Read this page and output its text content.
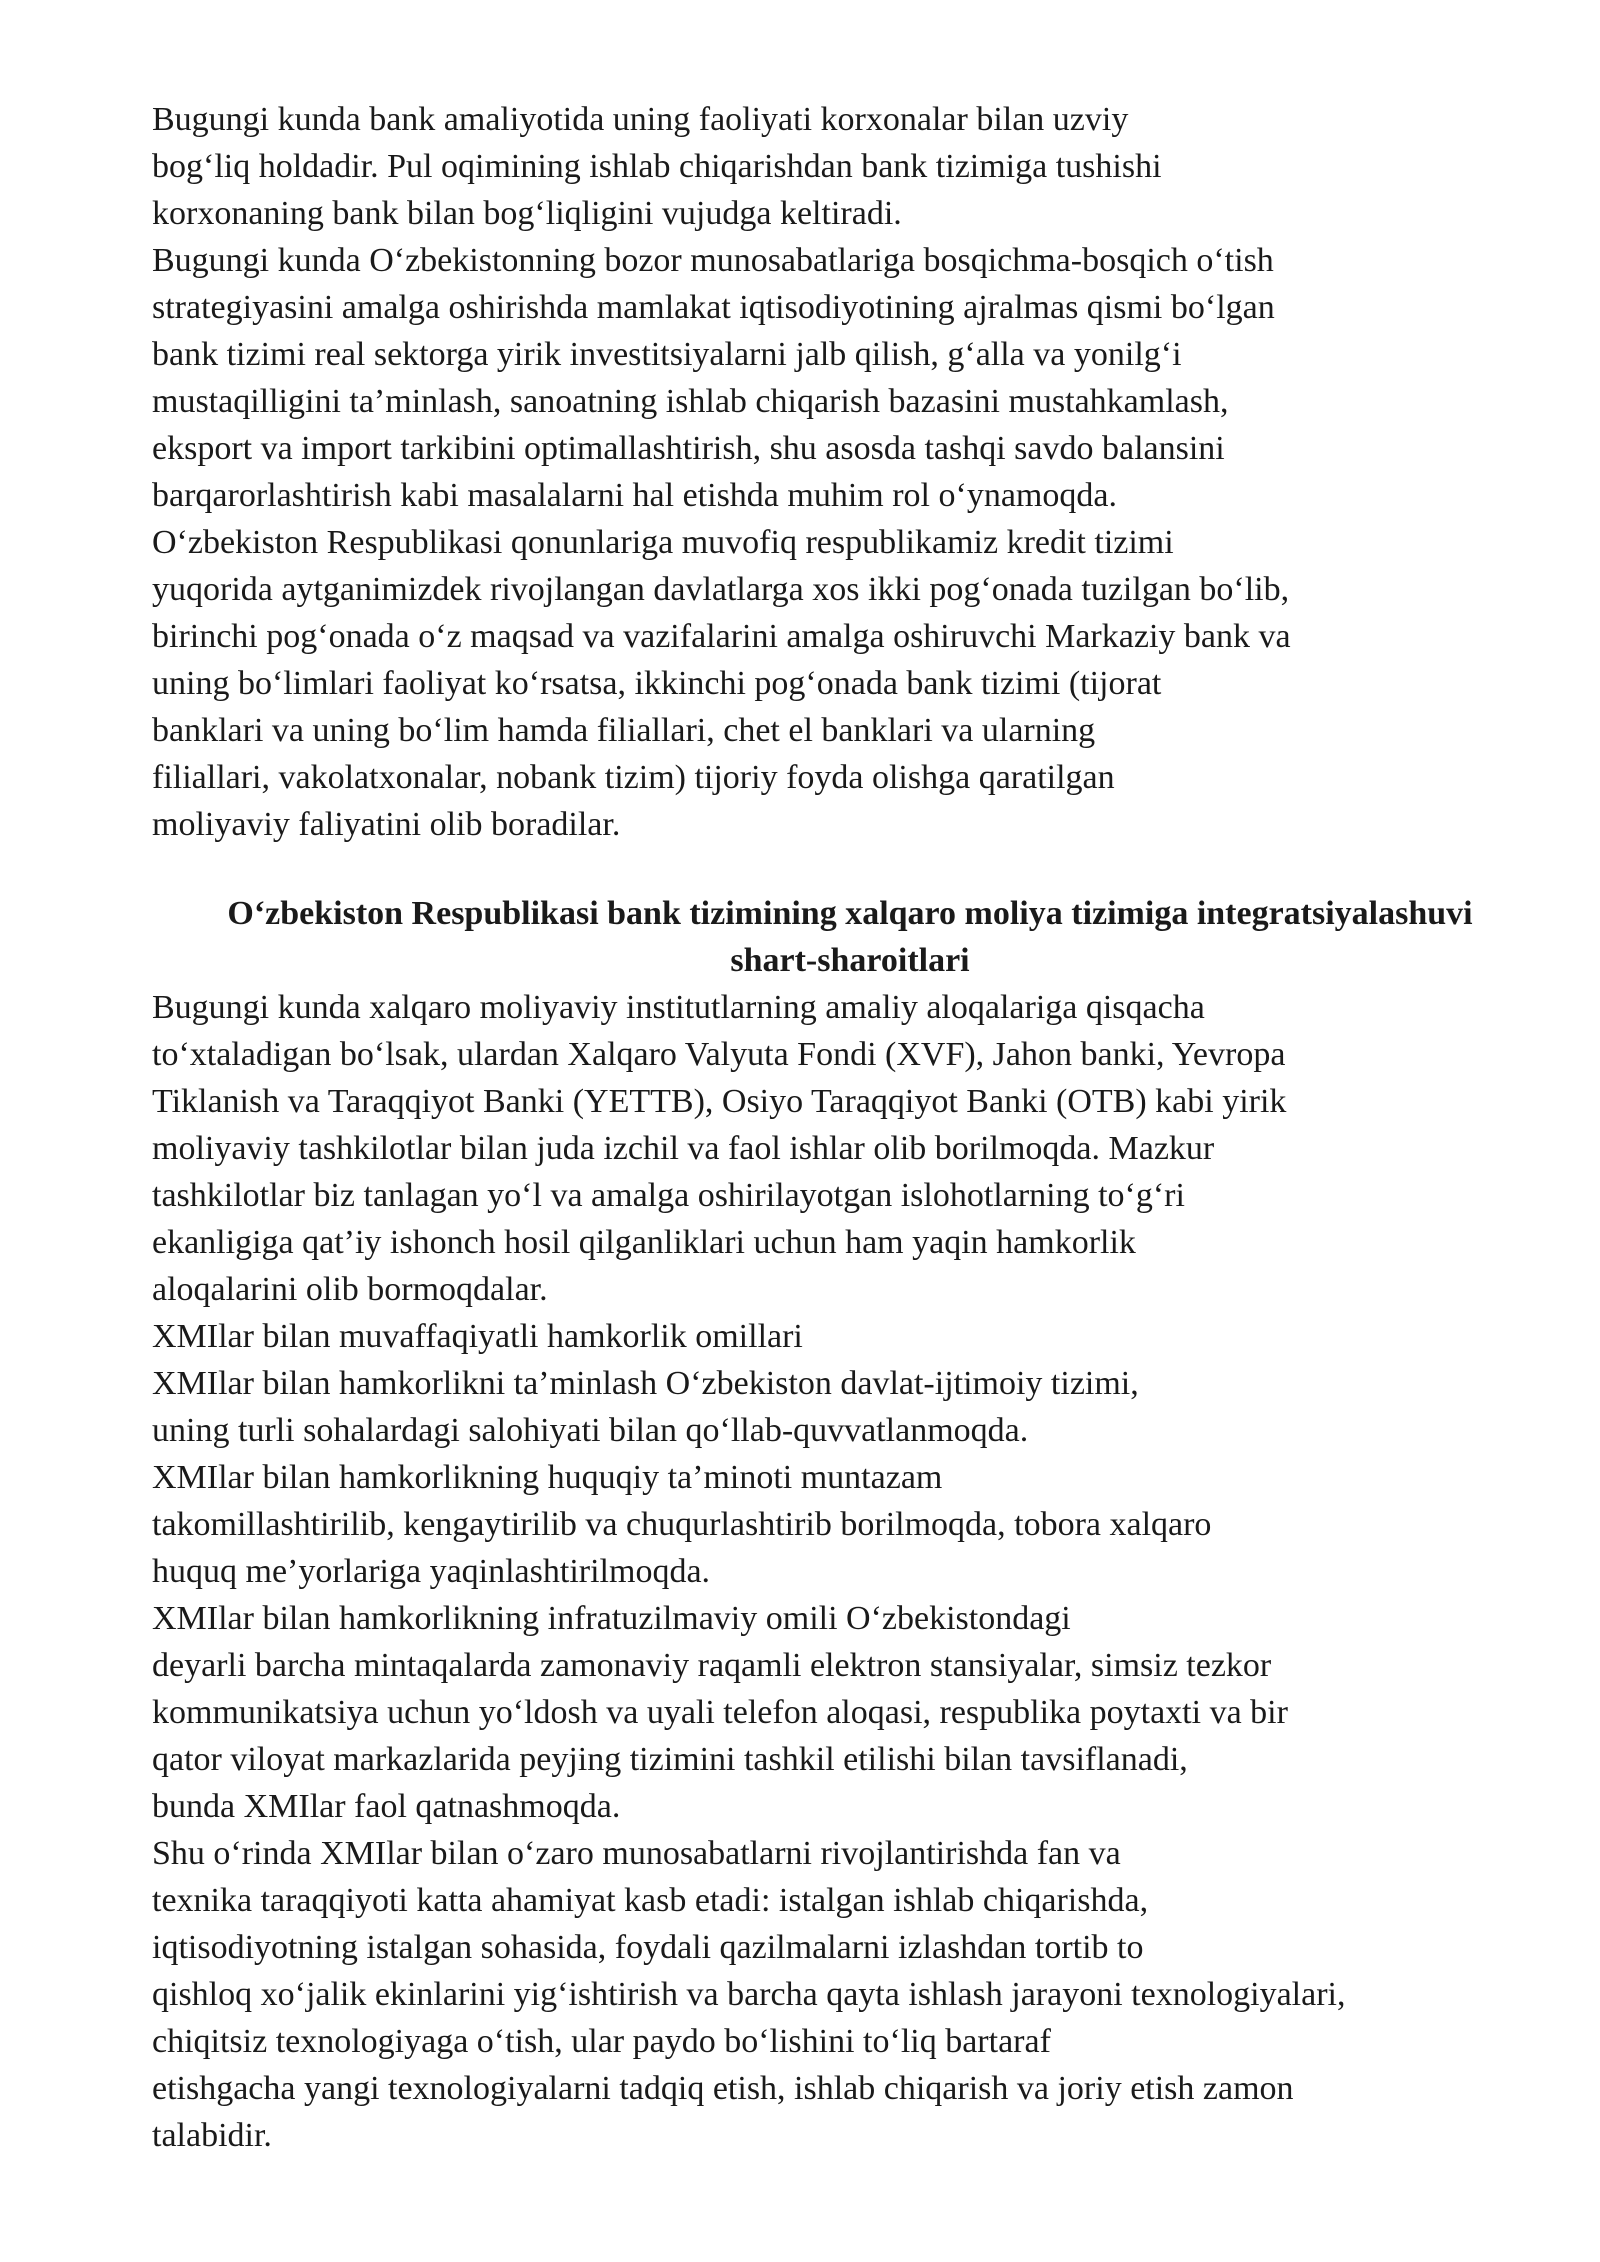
Bugungi kunda bank amaliyotida uning faoliyati korxonalar bilan uzviy
bog‘liq holdadir. Pul oqimining ishlab chiqarishdan bank tizimiga tushishi
korxonaning bank bilan bog‘liqligini vujudga keltiradi.
Bugungi kunda O‘zbekistonning bozor munosabatlariga bosqichma-bosqich o‘tish
strategiyasini amalga oshirishda mamlakat iqtisodiyotining ajralmas qismi bo‘lgan
bank tizimi real sektorga yirik investitsiyalarni jalb qilish, g‘alla va yonilg‘i
mustaqilligini ta’minlash, sanoatning ishlab chiqarish bazasini mustahkamlash,
eksport va import tarkibini optimallashtirish, shu asosda tashqi savdo balansini
barqarorlashtirish kabi masalalarni hal etishda muhim rol o‘ynamoqda.
O‘zbekiston Respublikasi qonunlariga muvofiq respublikamiz kredit tizimi
yuqorida aytganimizdek rivojlangan davlatlarga xos ikki pog‘onada tuzilgan bo‘lib,
birinchi pog‘onada o‘z maqsad va vazifalarini amalga oshiruvchi Markaziy bank va
uning bo‘limlari faoliyat ko‘rsatsa, ikkinchi pog‘onada bank tizimi (tijorat
banklari va uning bo‘lim hamda filiallari, chet el banklari va ularning
filiallari, vakolatxonalar, nobank tizim) tijoriy foyda olishga qaratilgan
moliyaviy faliyatini olib boradilar.
O‘zbekiston Respublikasi bank tizimining xalqaro moliya tizimiga integratsiyalashuvi
shart-sharoitlari
Bugungi kunda xalqaro moliyaviy institutlarning amaliy aloqalariga qisqacha
to‘xtaladigan bo‘lsak, ulardan Xalqaro Valyuta Fondi (XVF), Jahon banki, Yevropa
Tiklanish va Taraqqiyot Banki (YETTB), Osiyo Taraqqiyot Banki (OTB) kabi yirik
moliyaviy tashkilotlar bilan juda izchil va faol ishlar olib borilmoqda. Mazkur
tashkilotlar biz tanlagan yo‘l va amalga oshirilayotgan islohotlarning to‘g‘ri
ekanligiga qat’iy ishonch hosil qilganliklari uchun ham yaqin hamkorlik
aloqalarini olib bormoqdalar.
XMIlar bilan muvaffaqiyatli hamkorlik omillari
XMIlar bilan hamkorlikni ta’minlash O‘zbekiston davlat-ijtimoiy tizimi,
uning turli sohalardagi salohiyati bilan qo‘llab-quvvatlanmoqda.
XMIlar bilan hamkorlikning huquqiy ta’minoti muntazam
takomillashtirilib, kengaytirilib va chuqurlashtirib borilmoqda, tobora xalqaro
huquq me’yorlariga yaqinlashtirilmoqda.
XMIlar bilan hamkorlikning infratuzilmaviy omili O‘zbekistondagi
deyarli barcha mintaqalarda zamonaviy raqamli elektron stansiyalar, simsiz tezkor
kommunikatsiya uchun yo‘ldosh va uyali telefon aloqasi, respublika poytaxti va bir
qator viloyat markazlarida peyjing tizimini tashkil etilishi bilan tavsiflanadi,
bunda XMIlar faol qatnashmoqda.
Shu o‘rinda XMIlar bilan o‘zaro munosabatlarni rivojlantirishda fan va
texnika taraqqiyoti katta ahamiyat kasb etadi: istalgan ishlab chiqarishda,
iqtisodiyotning istalgan sohasida, foydali qazilmalarni izlashdan tortib to
qishloq xo‘jalik ekinlarini yig‘ishtirish va barcha qayta ishlash jarayoni texnologiyalari,
chiqitsiz texnologiyaga o‘tish, ular paydo bo‘lishini to‘liq bartaraf
etishgacha yangi texnologiyalarni tadqiq etish, ishlab chiqarish va joriy etish zamon
talabidir.
